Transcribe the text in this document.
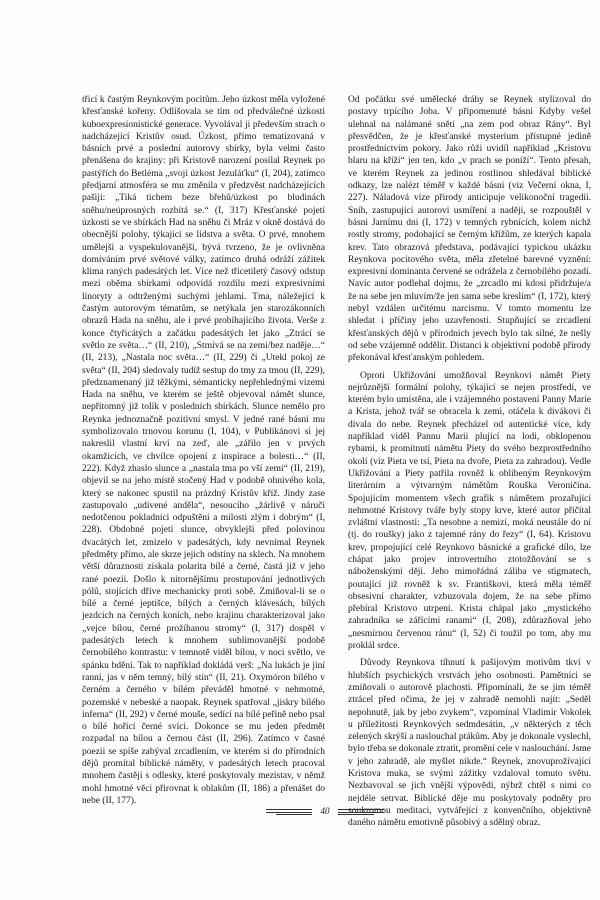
třicí k častým Reynkovým pocitům. Jeho úzkost měla vyložené křesťanské kořeny. Odlišovala se tím od předválečné úzkosti kuboexpresionistické generace. Vyvolával ji především strach o nadcházející Kristův osud. Úzkost, přímo tematizovaná v básních prvé a poslední autorovy sbírky, byla velmi často přenášena do krajiny: při Kristově narození posílal Reynek po pastýřích do Betléma „svoji úzkost Jezuláťku“ (I, 204), zatímco předjarní atmosféra se mu změnila v předzvěst nadcházejících pašijí: „Tiká tichem beze břehů/úzkost po bludinách sněhu/neúprosných rozbitá se.“ (I, 317) Křesťanské pojetí úzkosti se ve sbírkách Had na sněhu či Mráz v okně dostává do obecnější polohy, týkající se lidstva a světa. O prvé, mnohem umělejší a vyspekulovanější, bývá tvrzeno, že je ovlivněna domíváním prvé světové války, zatímco druhá odráží zážitek klima raných padesátých let. Více než třicetiletý časový odstup mezi oběma sbírkami odpovídá rozdílu mezi expresivními linoryty a odtrženými suchými jehlami. Tma, náležející k častým autorovým tématům, se netýkala jen starozákonních obrazů Hada na sněhu, ale i prvé probíhajícího života. Verše z konce čtyřicátých a začátku padesátých let jako „Ztrácí se světlo ze světa…“ (II, 210), „Stmívá se na zemi/bez naděje…“ (II, 213), „Nastala noc světa…“ (II, 229) či „Utekl pokoj ze světa“ (II, 204) sledovaly tudíž sestup do tmy za tmou (II, 229), předznamenaný již těžkými, sémanticky nepřehlednými vizemi Hada na sněhu, ve kterém se ještě objevoval námět slunce, nepřítomný již tolik v posledních sbírkách. Slunce nemělo pro Reynka jednoznačně pozitivní smysl. V jedné rané básni mu symbolizovalo trnovou korunu (I, 104), v Publikánovi si jej nakreslil vlastní krví na zeď, ale „zářilo jen v prvých okamžicích, ve chvílce opojení z inspirace a bolesti…“ (II, 222). Když zhaslo slunce a „nastala tma po vší zemi“ (II, 219), objevil se na jeho místě stočený Had v podobě ohnivého kola, který se nakonec spustil na prázdný Kristův kříž. Jindy zase zastupovalo „udivené anděla“, nesoucího „žárlivě v náruči nedotčenou pokladnici odpuštění a milosti zlým i dobrým“ (I, 228). Obdobné pojetí slunce, obvyklejší před polovinou dvacátých let, zmizelo v padesátých, kdy nevnímal Reynek předměty přímo, ale skrze jejich odstíny na sklech. Na mnohem větší důraznosti získala polarita bílé a černé, častá již v jeho rané poezii. Došlo k nitornějšímu prostupování jednotlivých pólů, stojících dříve mechanicky proti sobě. Zmiňoval-li se o bílé a černé jeptišce, bílých a černých klávesách, bílých jezdcích na černých koních, nebo krajinu charakterizoval jako „vejce bílou, černé prožíhanou stromy“ (I, 317) dospěl v padesátých letech k mnohem sublimovanější podobě černobílého kontrastu: v temnotě viděl bílou, v noci světlo, ve spánku bdění. Tak to například dokládá verš: „Na lukách je jíní ranní, jas v něm temný, bílý stín“ (II, 21). Oxymóron bílého v černém a černého v bílém převáděl hmotné v nehmotné, pozemské v nebeské a naopak. Reynek spatřoval „jiskry bílého inferna“ (II, 292) v černé mouše, sedící na bílé peřině nebo psal o bílé hořící černé svíci. Dokonce se mu jeden předmět rozpadal na bílou a černou část (II, 296). Zatímco v časné poezii se spíše zabýval zrcadlením, ve kterém si do přírodních dějů promítal biblické náměty, v padesátých letech pracoval mnohem častěji s odlesky, které poskytovaly mezistav, v němž mohl hmotné věci přirovnat k oblakům (II, 186) a přenášet do nebe (II, 177).

Od počátku své umělecké dráhy se Reynek stylizoval do postavy trpícího Joba. V připomenuté básni Kdyby vešel ulehnal na nalámané snětí „na zem pod obraz Rány“. Byl přesvědčen, že je křesťanské mysterium přístupné jedině prostřednictvím pokory. Jako růži uvidíl například „Kristovu blaru na kříži“ jen ten, kdo „v prach se poníží“. Tento přesah, ve kterém Reynek za jedinou rostlinou shledával biblické odkazy, lze nalézt téměř v každé básni (viz Večerní okna, I, 227). Náladová víze přírody anticipuje velikonoční tragedii. Sníh, zastupující autorovi usmíření a naději, se rozpouštěl v básni Jarnímu dni (I, 172) v temných rybnících, kolem nichž rostly stromy, podobající se černým křížům, ze kterých kapala krev. Tato obrazová představa, podávající typickou ukázku Reynkova pocitového světa, měla zřetelné barevné vyznění: expresivní dominanta červené se odrážela z černobílého pozadí. Navíc autor podlehal dojmu, že „zrcadlo mi kdosi přidržuje/a že na sebe jen mluvím/že jen sama sebe kreslím“ (I, 172), který nebyl vzdálen určitému narcismu. V tomto momentu lze shledat i příčiny jeho uzavřenosti. Stupňující se zrcadlení křesťanských dějů v přírodních jevech bylo tak silné, že nešly od sebe vzájemně oddělit. Distanci k objektivní podobě přírody překonával křesťanským pohledem.

Oproti Ukřižování umožňoval Reynkovi námět Piety nejrůznější formální polohy, týkající se nejen prostředí, ve kterém bylo umístěna, ale i vzájemného postavení Panny Marie a Krista, jehož tvář se obracela k zemi, otáčela k divákovi či dívala do nebe. Reynek přecházel od autentické více, kdy například viděl Pannu Marii plující na lodi, obklopenou rybami, k promítnutí námětu Piety do svého bezprostředního okolí (viz Pieta ve tsí, Pieta na dvoře, Pieta za zahradou). Vedle Ukřižování a Piety patřila rovněž k oblíbeným Reynkovým literárním a výtvarným námětům Rouška Veroničina. Spojujícím momentem všech grafik s námětem prozařující nehmotné Kristovy tváře byly stopy krve, které autor přičítal zvláštní vlastnosti: „Ta nesobne a nemizí, moká neustále do ní (tj. do roušky) jako z tajemné rány do řezy“ (I, 64). Kristovu krev, propojující celé Reynkovo básnické a grafické dílo, lze chápat jako projev introvertního ztotožňování se s náboženskými ději. Jeho mimořádná záliba ve stigmatech, poutající již rovněž k sv. Františkovi, která měla téměř obsesivní charakter, vzbuzovala dojem, že na sebe přímo přebíral Kristovo utrpení. Krista chápal jako „mystického zahradníka se zářícími ranami“ (I, 208), zdůrazňoval jeho „nesmírnou červenou ránu“ (I, 52) či toužil po tom, aby mu proklál srdce.

Důvody Reynkova tíhnutí k pašijovým motivům tkví v hlubších psychických vrstvách jeho osobnosti. Pamětníci se zmiňovali o autorově plachosti. Připomínali, že se jim téměř ztrácel před očima, že jej v zahradě nemohli najít: „Seděl nepohnutě, jak by jebo zvykem“, vzpomínal Vladimír Vokolek u příležitosti Reynkových sedmdesátin, „v některých z těch zelených skrýší a naslouchal ptákům. Aby je dokonale vyslechl, bylo třeba se dokonale ztratit, promění cele v naslouchání. Jsme v jeho zahradě, ale myšlet nikde.“ Reynek, znovuprožívající Kristova muka, se svými zážitky vzdaloval tomuto světu. Nezbavoval se jich vnější výpovědí, nýbrž chtěl s nimi co nejdéle setrvat. Biblické děje mu poskytovaly podněty pro soukromou meditaci, vytvářející z konvenčního, objektivně daného námětu emotivně působivý a sdělný obraz.

40
